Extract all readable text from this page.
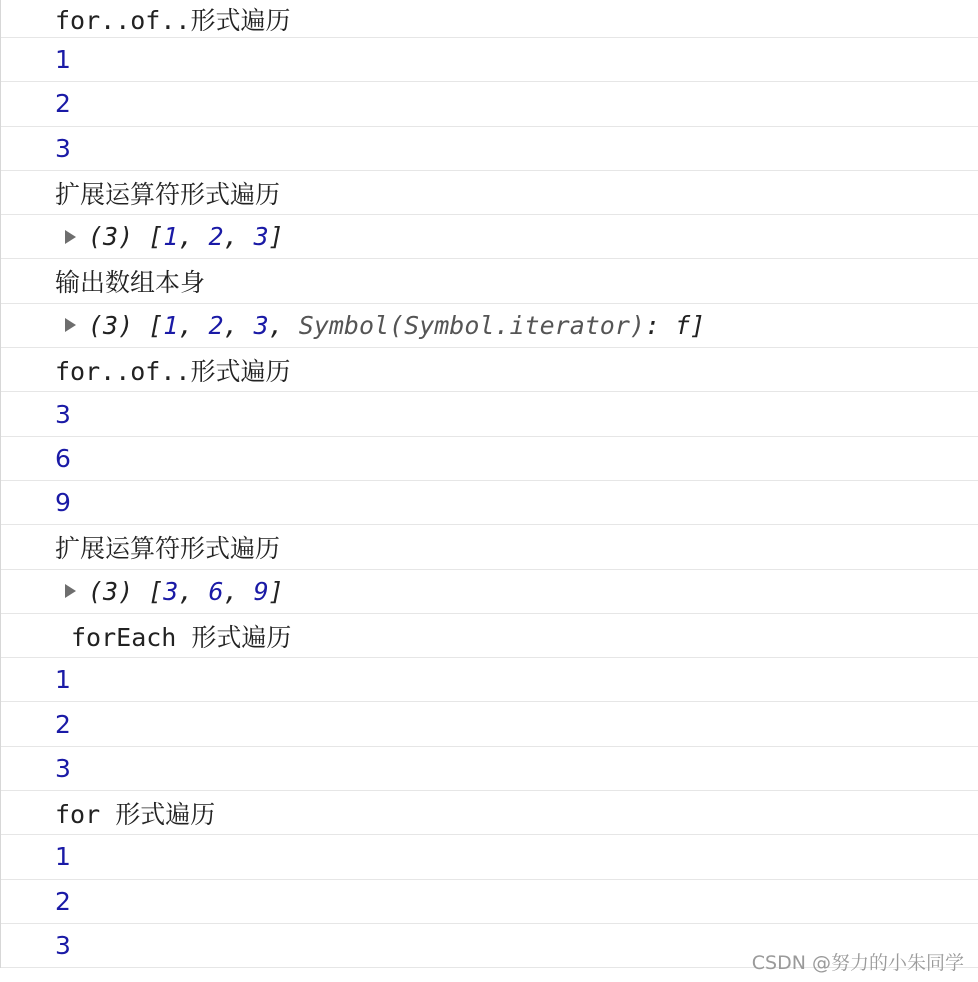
for..of..形式遍历
1
2
3
扩展运算符形式遍历
(3) [ 1 , 2 , 3 ]
输出数组本身
(3) [ 1 , 2 , 3 , Symbol(Symbol.iterator) : f ]
for..of..形式遍历
3
6
9
扩展运算符形式遍历
(3) [ 3 , 6 , 9 ]
forEach 形式遍历
1
2
3
for 形式遍历
1
2
3
CSDN @努力的小朱同学
